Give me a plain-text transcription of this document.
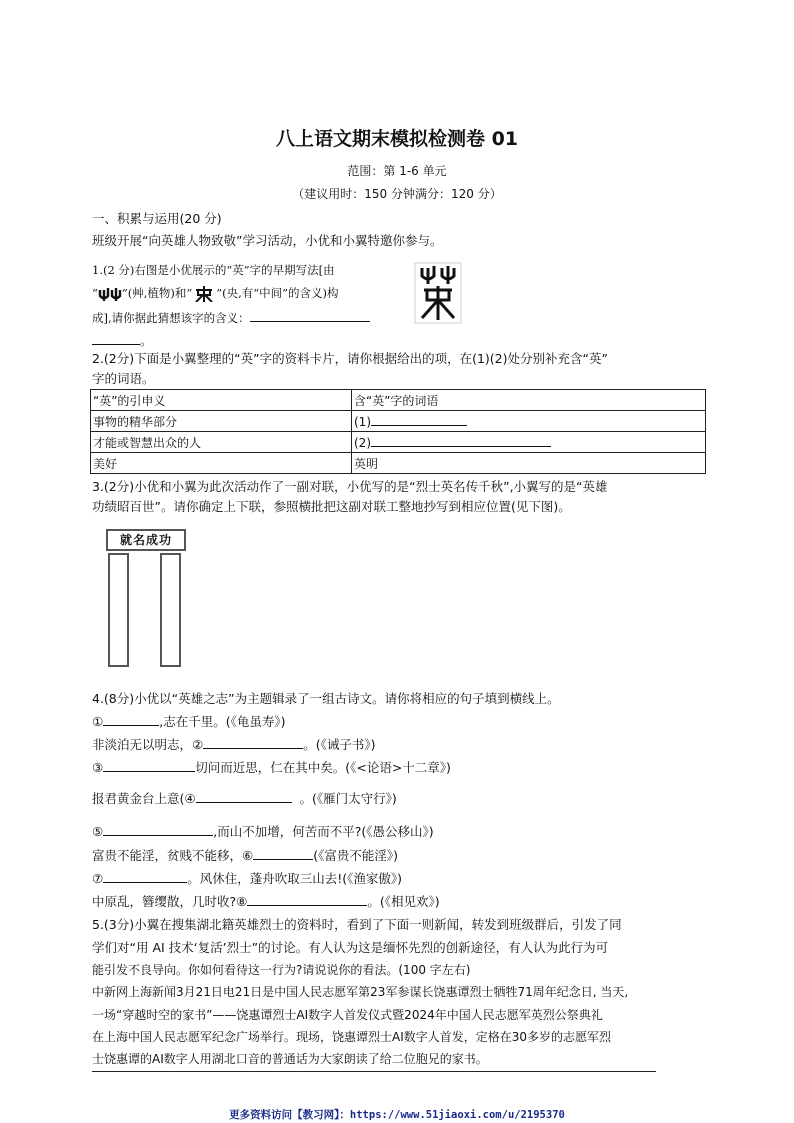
八上语文期末模拟检测卷 01
范围：第 1-6 单元
（建议用时：150 分钟满分：120 分）
一、积累与运用(20 分)
班级开展“向英雄人物致敬”学习活动，小优和小翼特邀你参与。
1.(2 分)右图是小优展示的“英”字的早期写法[由
“ ”(艸,植物)和“ ”(央,有“中间”的含义)构
成],请你据此猜想该字的含义：
。
2.(2分)下面是小翼整理的“英”字的资料卡片，请你根据给出的项，在(1)(2)处分别补充含“英”
字的词语。
“英”的引申义	含“英”字的词语
事物的精华部分	(1)
才能或智慧出众的人	(2)
美好	英明
3.(2分)小优和小翼为此次活动作了一副对联，小优写的是“烈士英名传千秋”,小翼写的是“英雄
功绩昭百世”。请你确定上下联，参照横批把这副对联工整地抄写到相应位置(见下图)。
就名成功
4.(8分)小优以“英雄之志”为主题辑录了一组古诗文。请你将相应的句子填到横线上。
①	,志在千里。(《龟虽寿》)
非淡泊无以明志，②	。(《诫子书》)
③	切问而近思，仁在其中矣。(《<论语>十二章》)
报君黄金台上意(④	。(《雁门太守行》)
⑤	,而山不加增，何苦而不平?(《愚公移山》)
富贵不能淫，贫贱不能移，⑥	(《富贵不能淫》)
⑦	。风休住，蓬舟吹取三山去!(《渔家傲》)
中原乱，簪缨散，几时收?⑧	。(《相见欢》)
5.(3分)小翼在搜集湖北籍英雄烈士的资料时，看到了下面一则新闻，转发到班级群后，引发了同
学们对“用 AI 技术‘复活’烈士”的讨论。有人认为这是缅怀先烈的创新途径，有人认为此行为可
能引发不良导向。你如何看待这一行为?请说说你的看法。(100 字左右)
中新网上海新闻3月21日电21日是中国人民志愿军第23军参谋长饶惠谭烈士牺牲71周年纪念日, 当天,
一场“穿越时空的家书”——饶惠谭烈士AI数字人首发仪式暨2024年中国人民志愿军英烈公祭典礼
在上海中国人民志愿军纪念广场举行。现场，饶惠谭烈士AI数字人首发，定格在30多岁的志愿军烈
士饶惠谭的AI数字人用湖北口音的普通话为大家朗读了给二位胞兄的家书。
更多资料访问【教习网】：https://www.51jiaoxi.com/u/2195370
